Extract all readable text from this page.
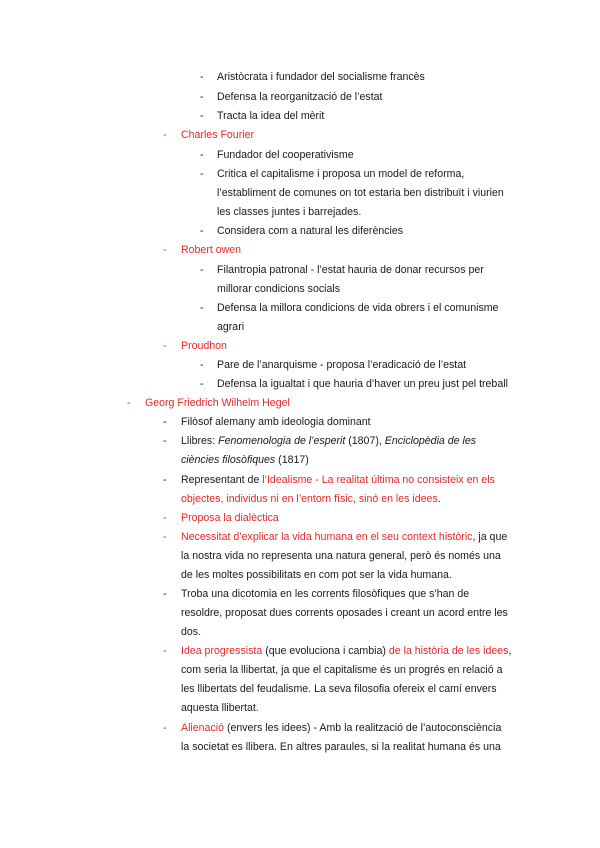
- Aristòcrata i fundador del socialisme francès
- Defensa la reorganització de l’estat
- Tracta la idea del mèrit
- Charles Fourier
- Fundador del cooperativisme
- Critica el capitalisme i proposa un model de reforma,
l’establiment de comunes on tot estaria ben distribuït i viurien
les classes juntes i barrejades.
- Considera com a natural les diferències
- Robert owen
- Filantropia patronal - l’estat hauria de donar recursos per
millorar condicions socials
- Defensa la millora condicions de vida obrers i el comunisme
agrari
- Proudhon
- Pare de l’anarquisme - proposa l’eradicació de l’estat
- Defensa la igualtat i que hauria d’haver un preu just pel treball
- Georg Friedrich Wilhelm Hegel
- Filòsof alemany amb ideologia dominant
- Llibres: Fenomenologia de l’esperit (1807), Enciclopèdia de les
ciències filosòfiques (1817)
- Representant de l’Idealisme - La realitat última no consisteix en els
objectes, individus ni en l’entorn físic, sinó en les idees.
- Proposa la dialèctica
- Necessitat d’explicar la vida humana en el seu context històric, ja que
la nostra vida no representa una natura general, però és només una
de les moltes possibilitats en com pot ser la vida humana.
- Troba una dicotomia en les corrents filosòfiques que s’han de
resoldre, proposat dues corrents oposades i creant un acord entre les
dos.
- Idea progressista (que evoluciona i cambia) de la història de les idees,
com seria la llibertat, ja que el capitalisme és un progrés en relació a
les llibertats del feudalisme. La seva filosofia ofereix el camí envers
aquesta llibertat.
- Alienació (envers les idees) - Amb la realització de l’autoconsciència
la societat es llibera. En altres paraules, si la realitat humana és una
